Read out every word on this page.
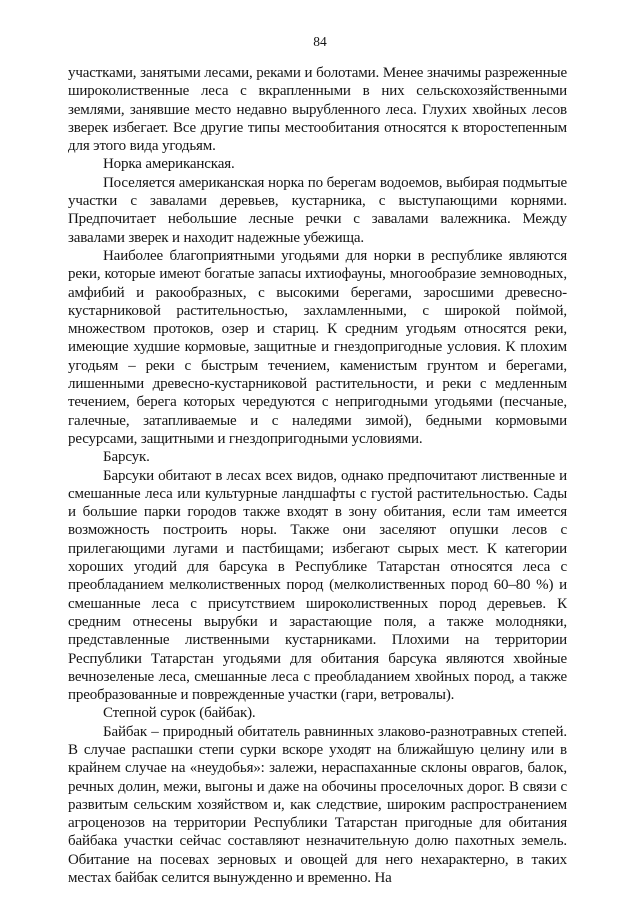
84

участками, занятыми лесами, реками и болотами. Менее значимы разреженные широколиственные леса с вкрапленными в них сельскохозяйственными землями, занявшие место недавно вырубленного леса. Глухих хвойных лесов зверек избегает. Все другие типы местообитания относятся к второстепенным для этого вида угодьям.

Норка американская.

Поселяется американская норка по берегам водоемов, выбирая подмытые участки с завалами деревьев, кустарника, с выступающими корнями. Предпочитает небольшие лесные речки с завалами валежника. Между завалами зверек и находит надежные убежища.

Наиболее благоприятными угодьями для норки в республике являются реки, которые имеют богатые запасы ихтиофауны, многообразие земноводных, амфибий и ракообразных, с высокими берегами, заросшими древесно-кустарниковой растительностью, захламленными, с широкой поймой, множеством протоков, озер и стариц. К средним угодьям относятся реки, имеющие худшие кормовые, защитные и гнездопригодные условия. К плохим угодьям – реки с быстрым течением, каменистым грунтом и берегами, лишенными древесно-кустарниковой растительности, и реки с медленным течением, берега которых чередуются с непригодными угодьями (песчаные, галечные, затапливаемые и с наледями зимой), бедными кормовыми ресурсами, защитными и гнездопригодными условиями.

Барсук.

Барсуки обитают в лесах всех видов, однако предпочитают лиственные и смешанные леса или культурные ландшафты с густой растительностью. Сады и большие парки городов также входят в зону обитания, если там имеется возможность построить норы. Также они заселяют опушки лесов с прилегающими лугами и пастбищами; избегают сырых мест. К категории хороших угодий для барсука в Республике Татарстан относятся леса с преобладанием мелколиственных пород (мелколиственных пород 60–80 %) и смешанные леса с присутствием широколиственных пород деревьев. К средним отнесены вырубки и зарастающие поля, а также молодняки, представленные лиственными кустарниками. Плохими на территории Республики Татарстан угодьями для обитания барсука являются хвойные вечнозеленые леса, смешанные леса с преобладанием хвойных пород, а также преобразованные и поврежденные участки (гари, ветровалы).

Степной сурок (байбак).

Байбак – природный обитатель равнинных злаково-разнотравных степей. В случае распашки степи сурки вскоре уходят на ближайшую целину или в крайнем случае на «неудобья»: залежи, нераспаханные склоны оврагов, балок, речных долин, межи, выгоны и даже на обочины проселочных дорог. В связи с развитым сельским хозяйством и, как следствие, широким распространением агроценозов на территории Республики Татарстан пригодные для обитания байбака участки сейчас составляют незначительную долю пахотных земель. Обитание на посевах зерновых и овощей для него нехарактерно, в таких местах байбак селится вынужденно и временно. На
